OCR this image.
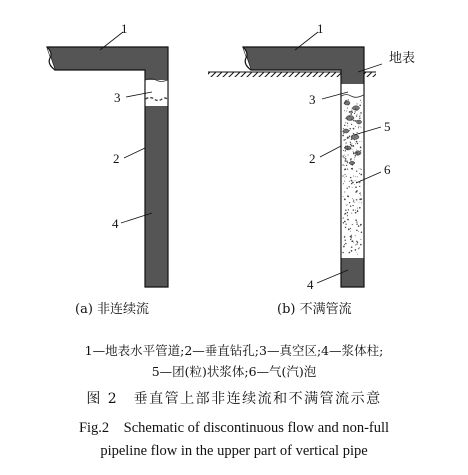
1
3
2
4
1
地表
3
5
2
6
4
(a) 非连续流	(b) 不满管流
1—地表水平管道;2—垂直钻孔;3—真空区;4—浆体柱;
5—团(粒)状浆体;6—气(汽)泡
图 2　垂直管上部非连续流和不满管流示意
Fig.2　Schematic of discontinuous flow and non-full
pipeline flow in the upper part of vertical pipe
